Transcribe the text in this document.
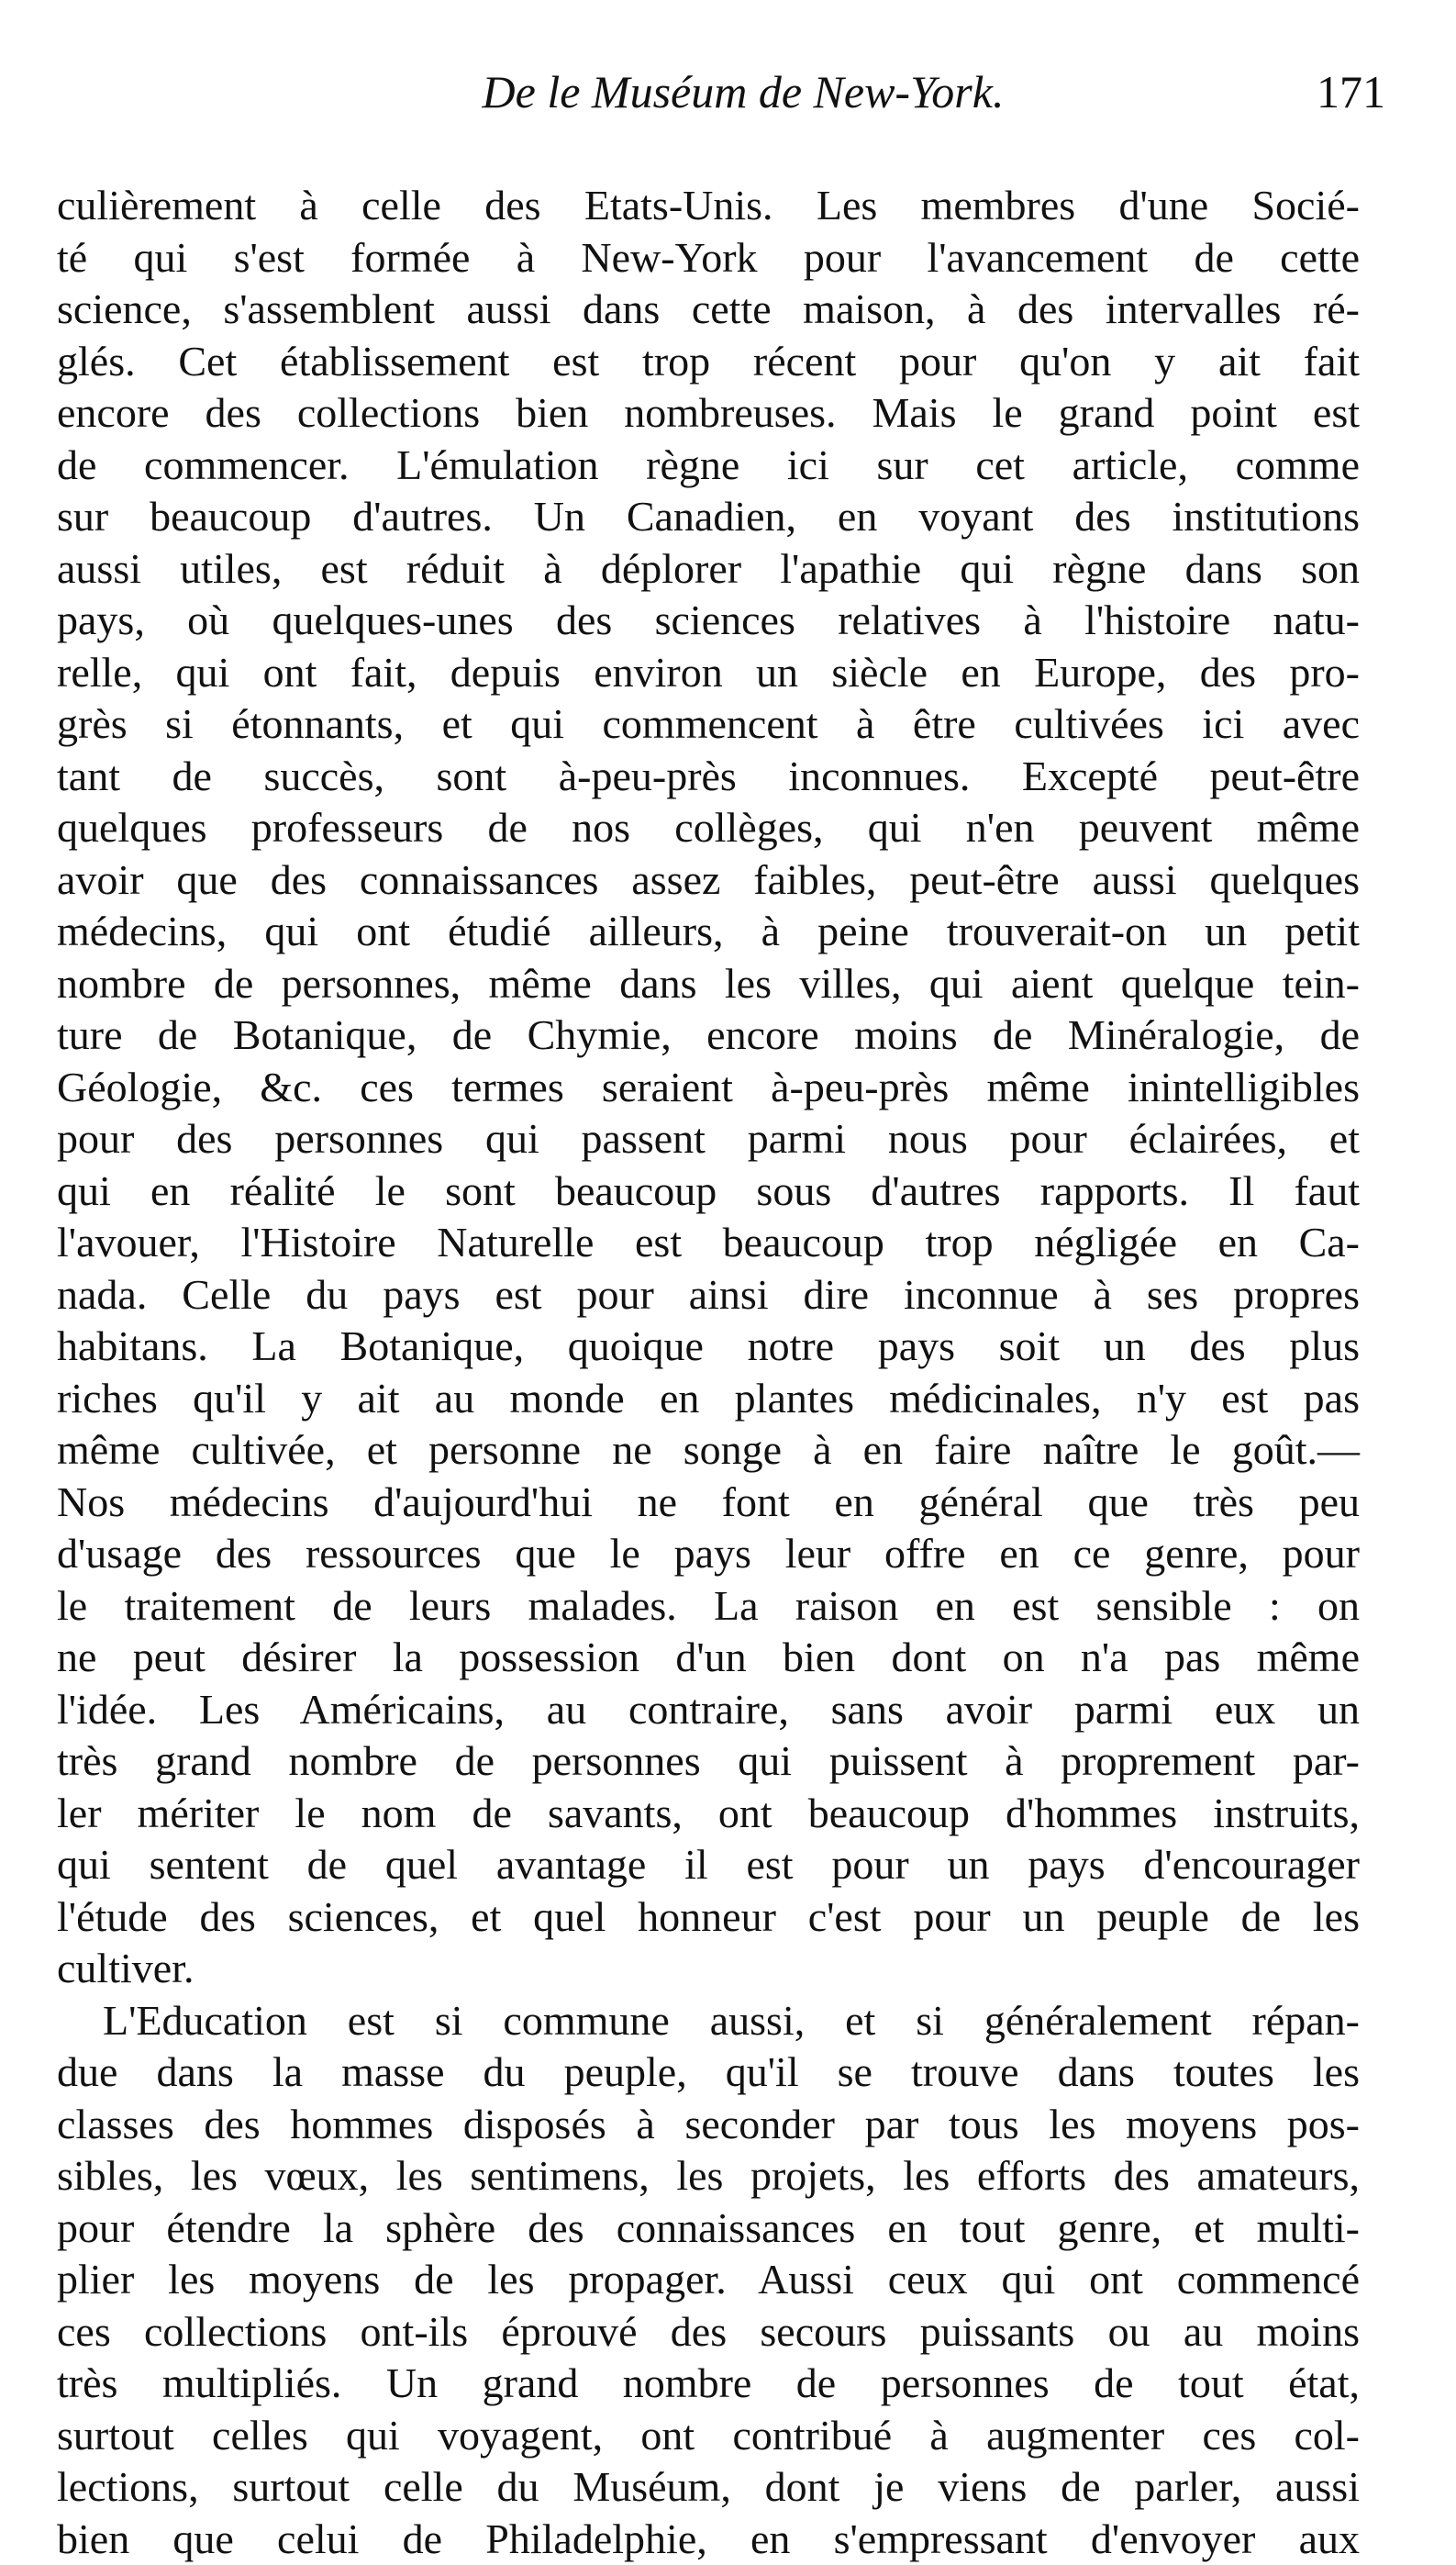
De le Muséum de New-York.	171
culièrement à celle des Etats-Unis. Les membres d'une Socié-
té qui s'est formée à New-York pour l'avancement de cette
science, s'assemblent aussi dans cette maison, à des intervalles ré-
glés. Cet établissement est trop récent pour qu'on y ait fait
encore des collections bien nombreuses. Mais le grand point est
de commencer. L'émulation règne ici sur cet article, comme
sur beaucoup d'autres. Un Canadien, en voyant des institutions
aussi utiles, est réduit à déplorer l'apathie qui règne dans son
pays, où quelques-unes des sciences relatives à l'histoire natu-
relle, qui ont fait, depuis environ un siècle en Europe, des pro-
grès si étonnants, et qui commencent à être cultivées ici avec
tant de succès, sont à-peu-près inconnues. Excepté peut-être
quelques professeurs de nos collèges, qui n'en peuvent même
avoir que des connaissances assez faibles, peut-être aussi quelques
médecins, qui ont étudié ailleurs, à peine trouverait-on un petit
nombre de personnes, même dans les villes, qui aient quelque tein-
ture de Botanique, de Chymie, encore moins de Minéralogie, de
Géologie, &c. ces termes seraient à-peu-près même inintelligibles
pour des personnes qui passent parmi nous pour éclairées, et
qui en réalité le sont beaucoup sous d'autres rapports. Il faut
l'avouer, l'Histoire Naturelle est beaucoup trop négligée en Ca-
nada. Celle du pays est pour ainsi dire inconnue à ses propres
habitans. La Botanique, quoique notre pays soit un des plus
riches qu'il y ait au monde en plantes médicinales, n'y est pas
même cultivée, et personne ne songe à en faire naître le goût.—
Nos médecins d'aujourd'hui ne font en général que très peu
d'usage des ressources que le pays leur offre en ce genre, pour
le traitement de leurs malades. La raison en est sensible : on
ne peut désirer la possession d'un bien dont on n'a pas même
l'idée. Les Américains, au contraire, sans avoir parmi eux un
très grand nombre de personnes qui puissent à proprement par-
ler mériter le nom de savants, ont beaucoup d'hommes instruits,
qui sentent de quel avantage il est pour un pays d'encourager
l'étude des sciences, et quel honneur c'est pour un peuple de les
cultiver.
L'Education est si commune aussi, et si généralement répan-
due dans la masse du peuple, qu'il se trouve dans toutes les
classes des hommes disposés à seconder par tous les moyens pos-
sibles, les vœux, les sentimens, les projets, les efforts des amateurs,
pour étendre la sphère des connaissances en tout genre, et multi-
plier les moyens de les propager. Aussi ceux qui ont commencé
ces collections ont-ils éprouvé des secours puissants ou au moins
très multipliés. Un grand nombre de personnes de tout état,
surtout celles qui voyagent, ont contribué à augmenter ces col-
lections, surtout celle du Muséum, dont je viens de parler, aussi
bien que celui de Philadelphie, en s'empressant d'envoyer aux
